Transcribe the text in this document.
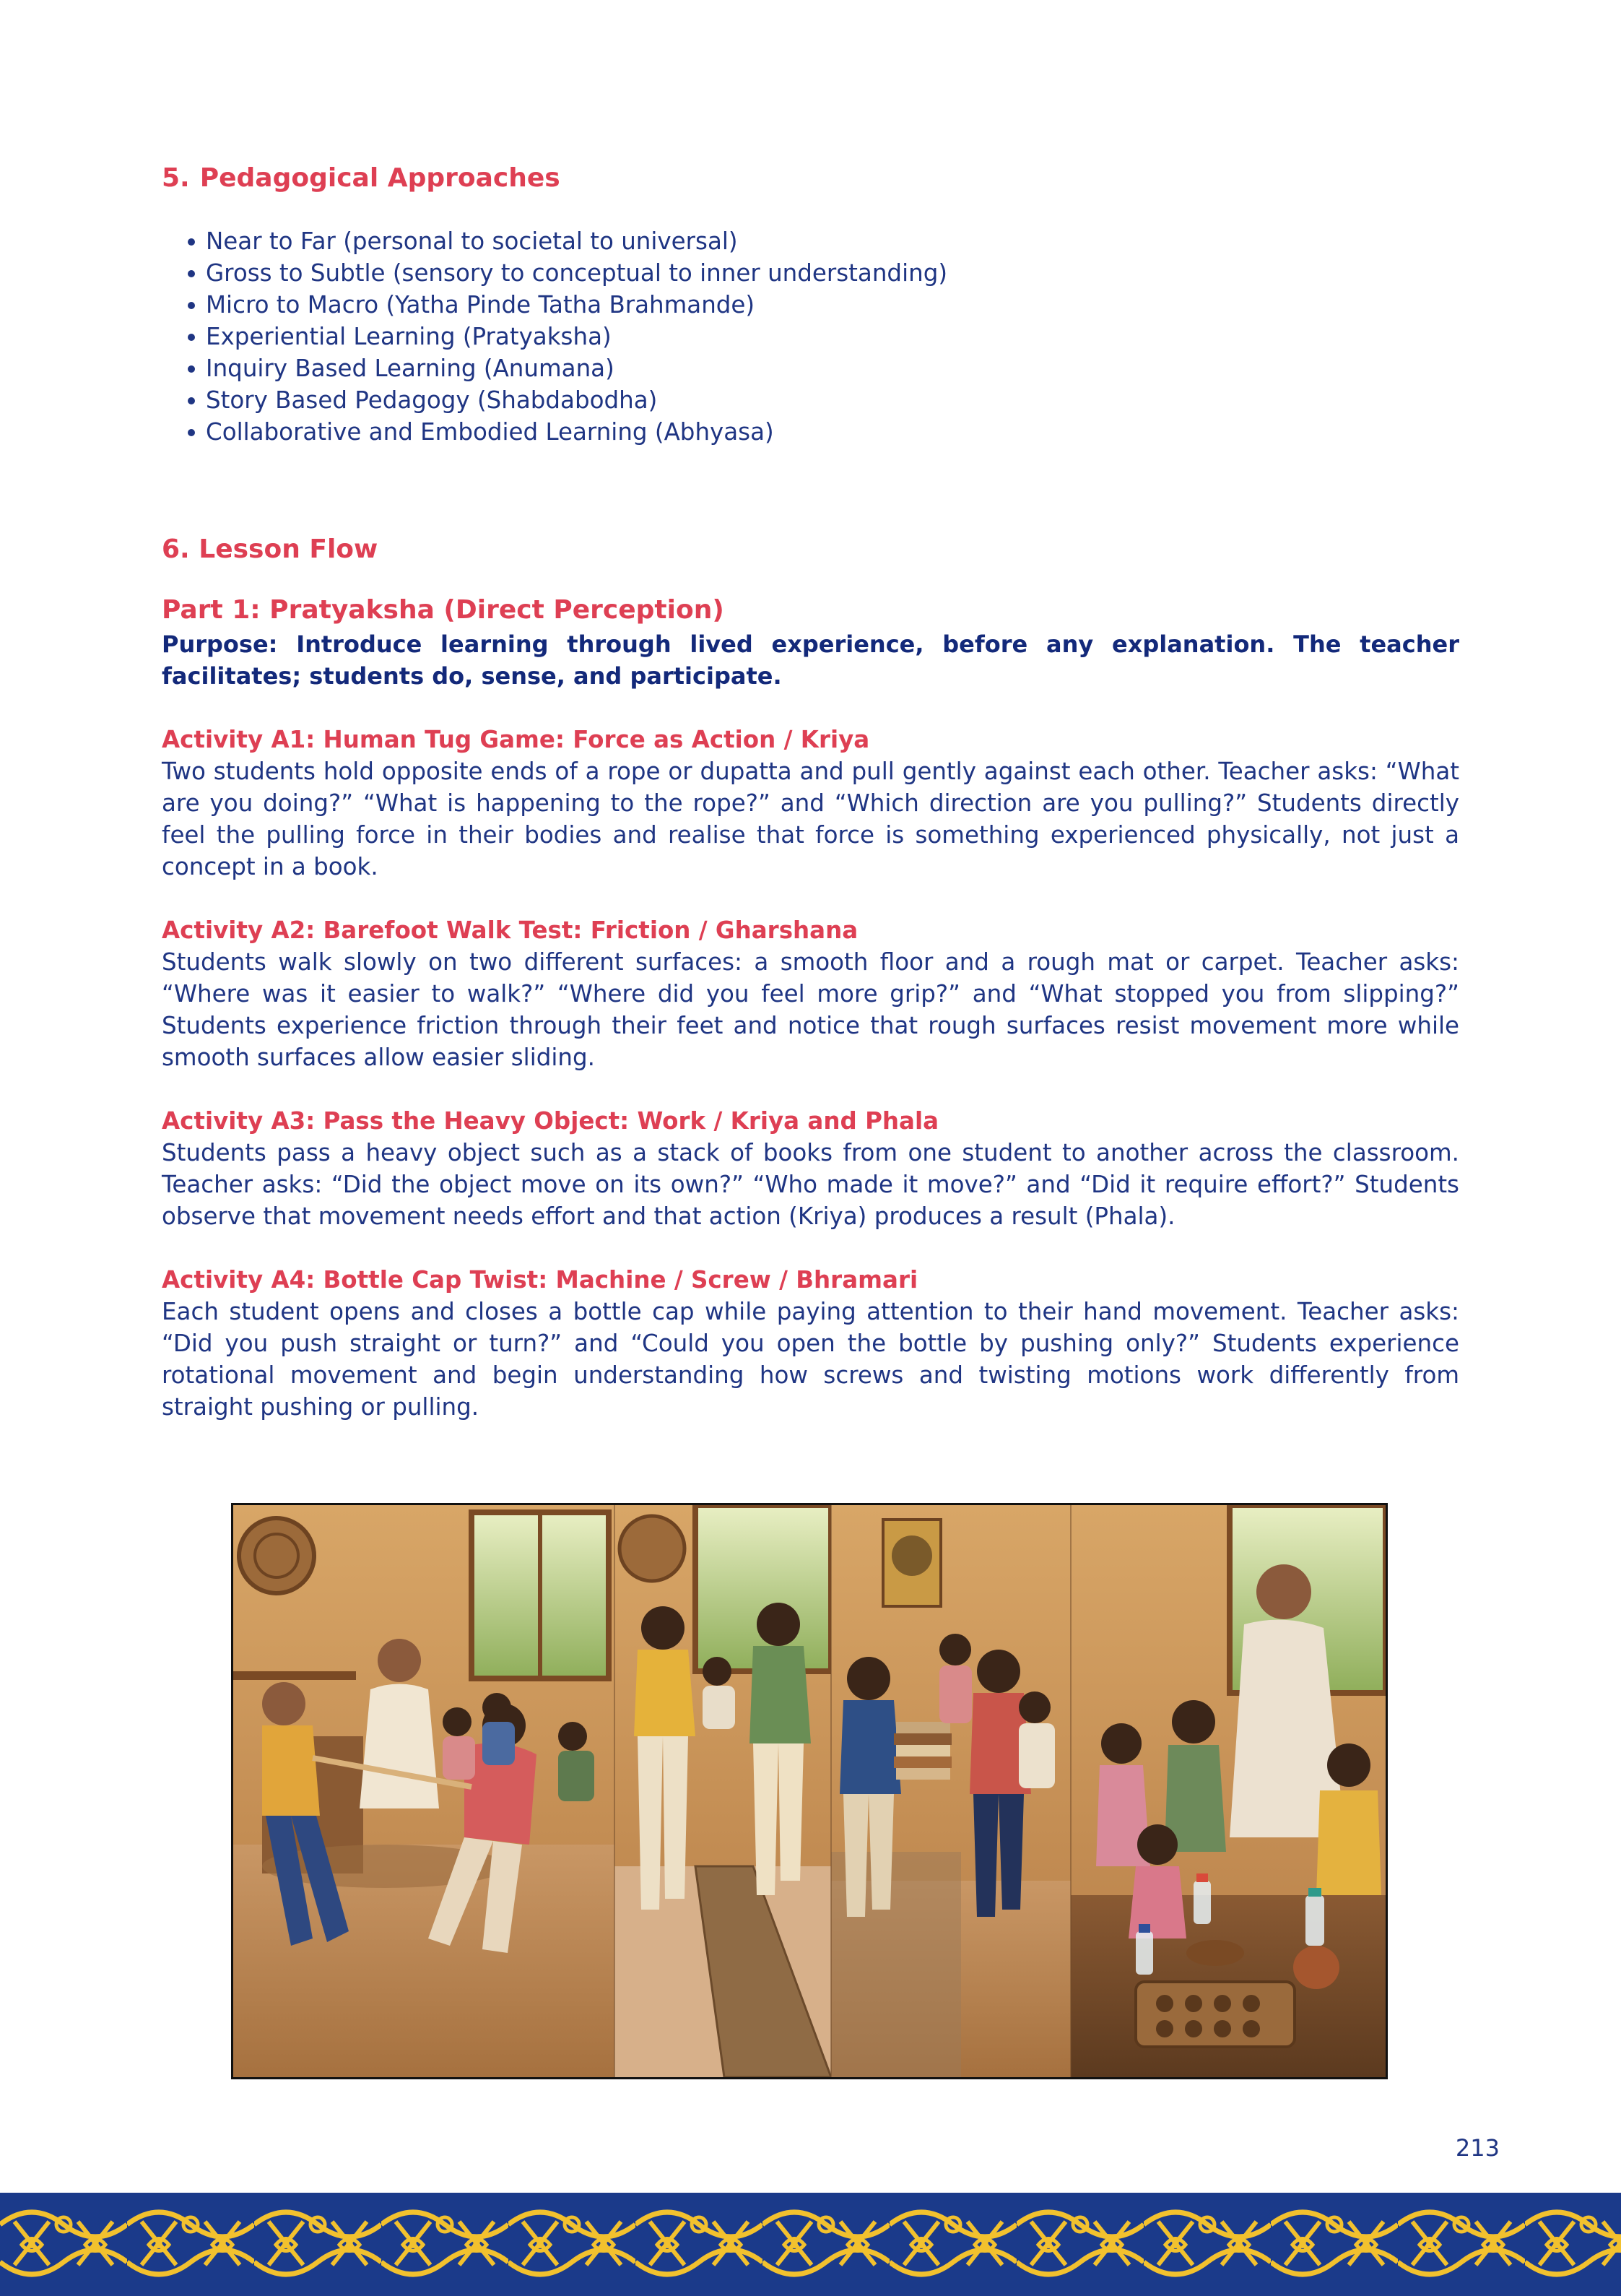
5. Pedagogical Approaches
Near to Far (personal to societal to universal)
Gross to Subtle (sensory to conceptual to inner understanding)
Micro to Macro (Yatha Pinde Tatha Brahmande)
Experiential Learning (Pratyaksha)
Inquiry Based Learning (Anumana)
Story Based Pedagogy (Shabdabodha)
Collaborative and Embodied Learning (Abhyasa)
6. Lesson Flow
Part 1: Pratyaksha (Direct Perception)

Purpose: Introduce learning through lived experience, before any explanation. The teacher facilitates; students do, sense, and participate.

Activity A1: Human Tug Game: Force as Action / Kriya

Two students hold opposite ends of a rope or dupatta and pull gently against each other. Teacher asks: “What are you doing?” “What is happening to the rope?” and “Which direction are you pulling?” Students directly feel the pulling force in their bodies and realise that force is something experienced physically, not just a concept in a book.

Activity A2: Barefoot Walk Test: Friction / Gharshana

Students walk slowly on two different surfaces: a smooth floor and a rough mat or carpet. Teacher asks: “Where was it easier to walk?” “Where did you feel more grip?” and “What stopped you from slipping?” Students experience friction through their feet and notice that rough surfaces resist movement more while smooth surfaces allow easier sliding.

Activity A3: Pass the Heavy Object: Work / Kriya and Phala

Students pass a heavy object such as a stack of books from one student to another across the classroom. Teacher asks: “Did the object move on its own?” “Who made it move?” and “Did it require effort?” Students observe that movement needs effort and that action (Kriya) produces a result (Phala).

Activity A4: Bottle Cap Twist: Machine / Screw / Bhramari

Each student opens and closes a bottle cap while paying attention to their hand movement. Teacher asks: “Did you push straight or turn?” and “Could you open the bottle by pushing only?” Students experience rotational movement and begin understanding how screws and twisting motions work differently from straight pushing or pulling.

213
